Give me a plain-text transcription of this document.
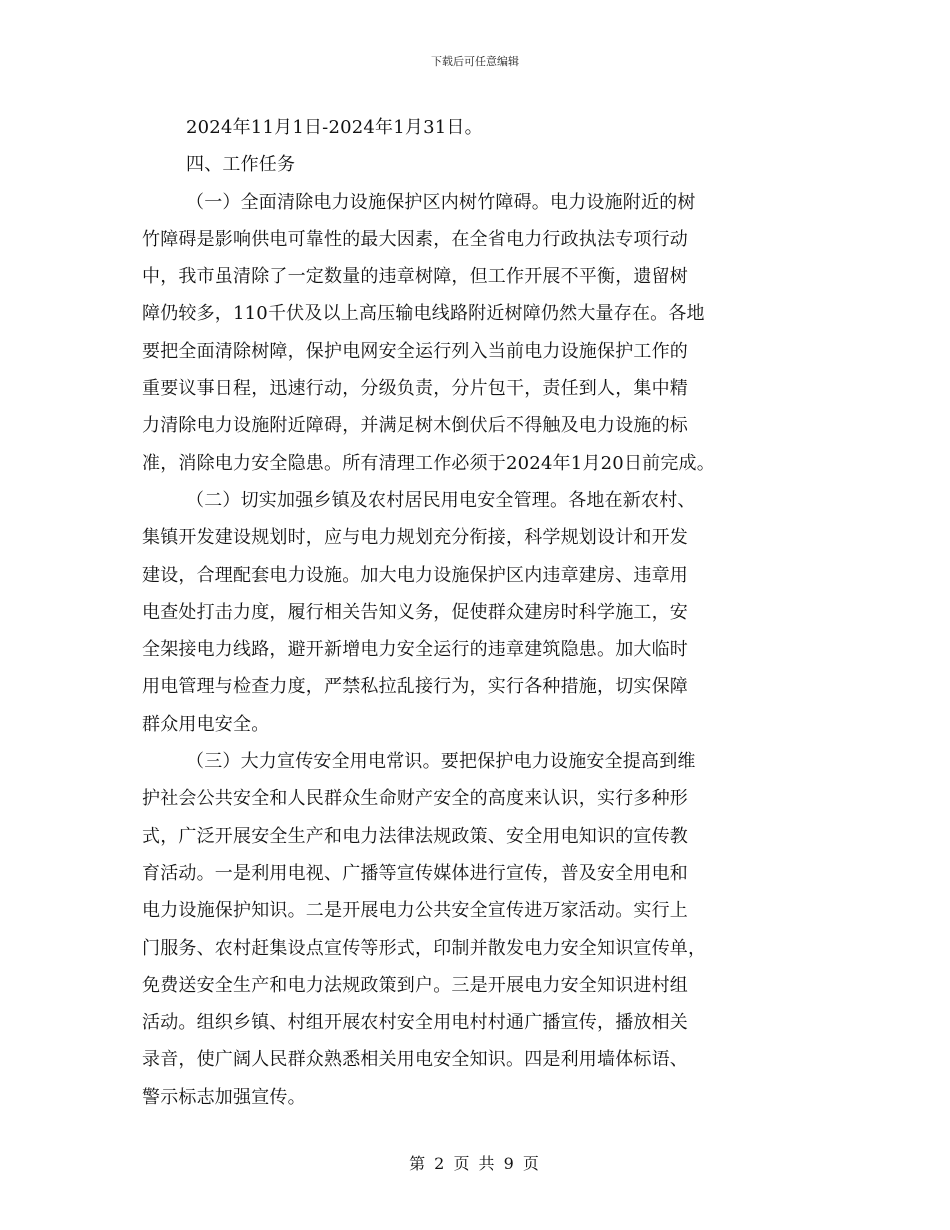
下载后可任意编辑
2024年11月1日-2024年1月31日。
四、工作任务
（一）全面清除电力设施保护区内树竹障碍。电力设施附近的树
竹障碍是影响供电可靠性的最大因素，在全省电力行政执法专项行动
中，我市虽清除了一定数量的违章树障，但工作开展不平衡，遗留树
障仍较多，110千伏及以上高压输电线路附近树障仍然大量存在。各地
要把全面清除树障，保护电网安全运行列入当前电力设施保护工作的
重要议事日程，迅速行动，分级负责，分片包干，责任到人，集中精
力清除电力设施附近障碍，并满足树木倒伏后不得触及电力设施的标
准，消除电力安全隐患。所有清理工作必须于2024年1月20日前完成。
（二）切实加强乡镇及农村居民用电安全管理。各地在新农村、
集镇开发建设规划时，应与电力规划充分衔接，科学规划设计和开发
建设，合理配套电力设施。加大电力设施保护区内违章建房、违章用
电查处打击力度，履行相关告知义务，促使群众建房时科学施工，安
全架接电力线路，避开新增电力安全运行的违章建筑隐患。加大临时
用电管理与检查力度，严禁私拉乱接行为，实行各种措施，切实保障
群众用电安全。
（三）大力宣传安全用电常识。要把保护电力设施安全提高到维
护社会公共安全和人民群众生命财产安全的高度来认识，实行多种形
式，广泛开展安全生产和电力法律法规政策、安全用电知识的宣传教
育活动。一是利用电视、广播等宣传媒体进行宣传，普及安全用电和
电力设施保护知识。二是开展电力公共安全宣传进万家活动。实行上
门服务、农村赶集设点宣传等形式，印制并散发电力安全知识宣传单，
免费送安全生产和电力法规政策到户。三是开展电力安全知识进村组
活动。组织乡镇、村组开展农村安全用电村村通广播宣传，播放相关
录音，使广阔人民群众熟悉相关用电安全知识。四是利用墙体标语、
警示标志加强宣传。
第 2 页 共 9 页
